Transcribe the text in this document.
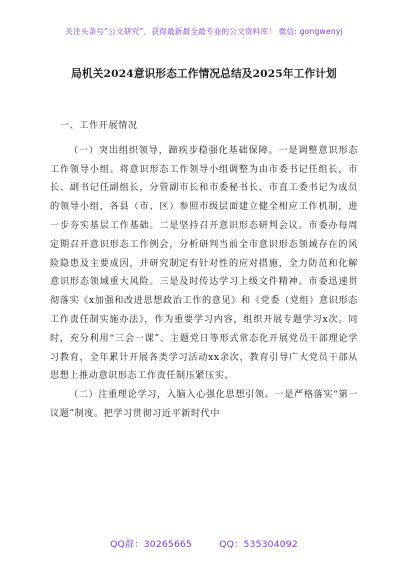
关注头条号“公文研究”，获得最新最全最专业的公文资料库！ 微信: gongwenyj
局机关2024意识形态工作情况总结及2025年工作计划

一、工作开展情况

（一）突出组织领导，蹄疾步稳强化基础保障。一是调整意识形态工作领导小组。将意识形态工作领导小组调整为由市委书记任组长，市长、副书记任副组长，分管副市长和市委秘书长、市直工委书记为成员的领导小组，各县（市、区）参照市级层面建立健全相应工作机制，进一步夯实基层工作基础。二是坚持召开意识形态研判会议。市委办每周定期召开意识形态工作例会，分析研判当前全市意识形态领域存在的风险隐患及主要成因，并研究制定有针对性的应对措施，全力防范和化解意识形态领域重大风险。三是及时传达学习上级文件精神。市委迅速贯彻落实《x加强和改进思想政治工作的意见》和《党委（党组）意识形态工作责任制实施办法》，作为重要学习内容，组织开展专题学习x次。同时，充分利用“三会一课”、主题党日等形式常态化开展党员干部理论学习教育，全年累计开展各类学习活动xx余次，教育引导广大党员干部从思想上推动意识形态工作责任制压紧压实。

（二）注重理论学习，入脑入心强化思想引领。一是严格落实“第一议题”制度。把学习贯彻习近平新时代中

QQ群：30265665	QQ：535304092
